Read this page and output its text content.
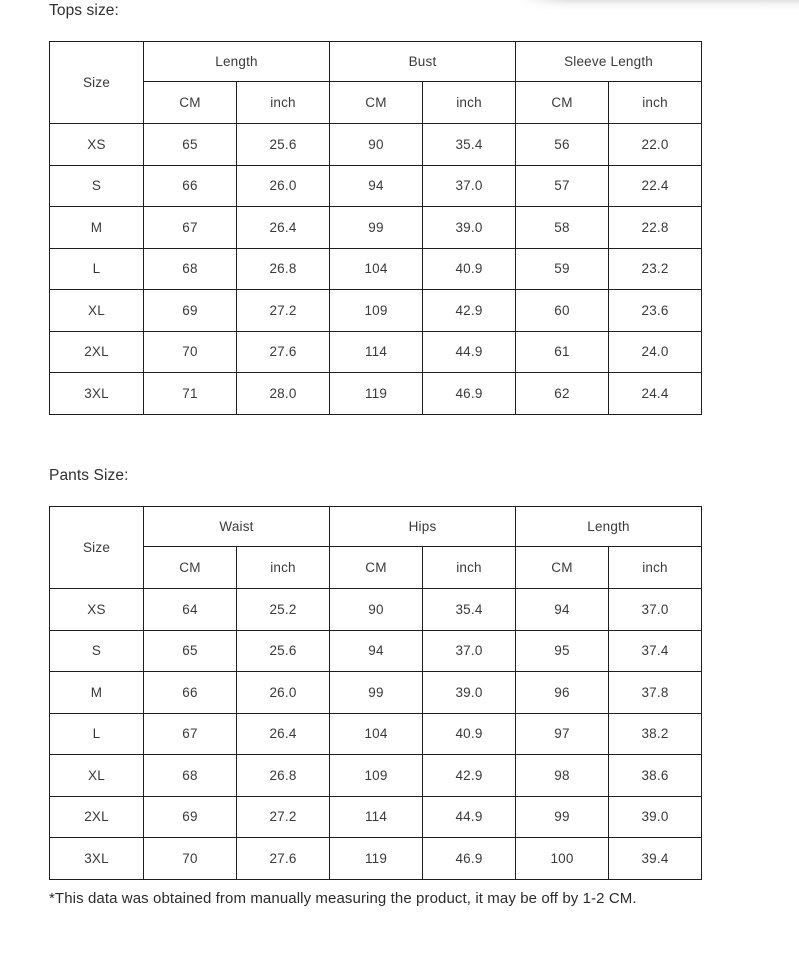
Tops size:
Size	Length		Bust		Sleeve Length	
	CM	inch	CM	inch	CM	inch
XS	65	25.6	90	35.4	56	22.0
S	66	26.0	94	37.0	57	22.4
M	67	26.4	99	39.0	58	22.8
L	68	26.8	104	40.9	59	23.2
XL	69	27.2	109	42.9	60	23.6
2XL	70	27.6	114	44.9	61	24.0
3XL	71	28.0	119	46.9	62	24.4
Pants Size:
Size	Waist		Hips		Length	
	CM	inch	CM	inch	CM	inch
XS	64	25.2	90	35.4	94	37.0
S	65	25.6	94	37.0	95	37.4
M	66	26.0	99	39.0	96	37.8
L	67	26.4	104	40.9	97	38.2
XL	68	26.8	109	42.9	98	38.6
2XL	69	27.2	114	44.9	99	39.0
3XL	70	27.6	119	46.9	100	39.4
*This data was obtained from manually measuring the product, it may be off by 1-2 CM.
